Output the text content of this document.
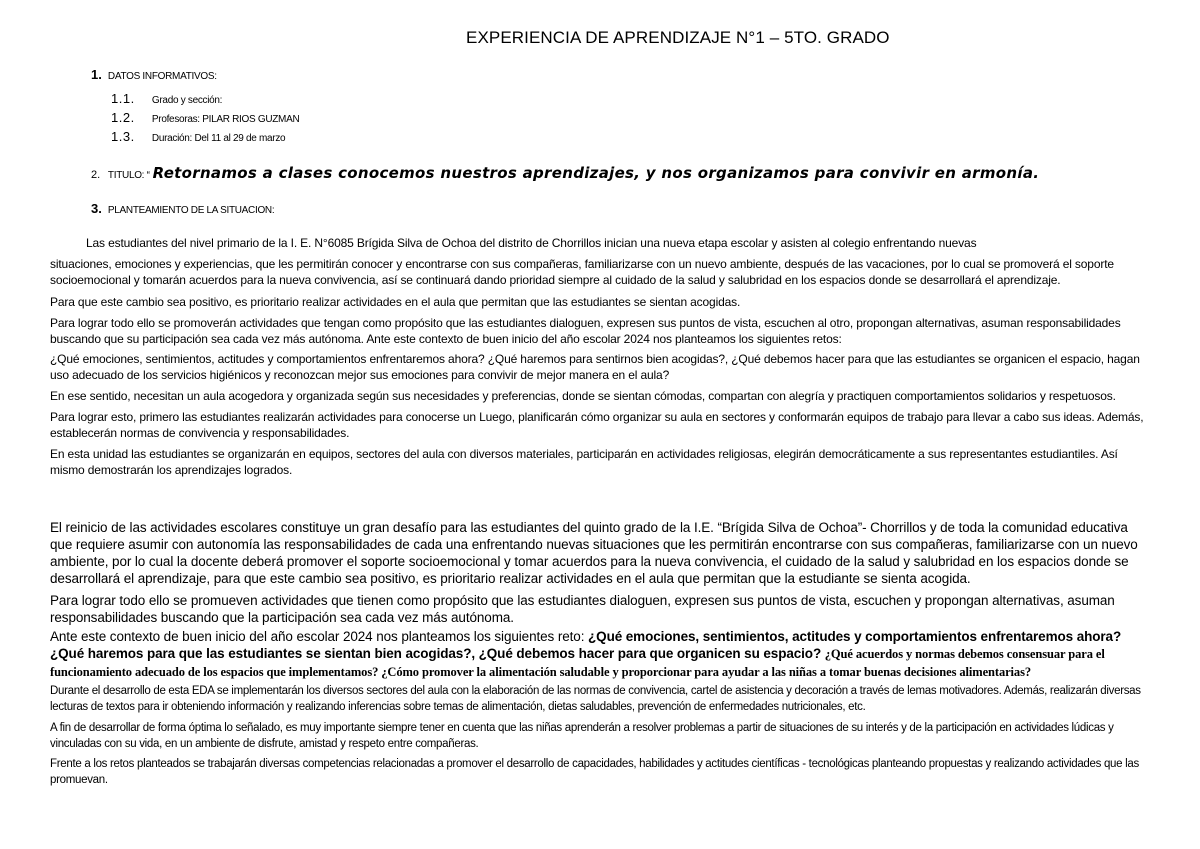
EXPERIENCIA DE APRENDIZAJE N°1 – 5TO. GRADO
1. DATOS INFORMATIVOS:
1.1. Grado y sección:
1.2. Profesoras: PILAR RIOS GUZMAN
1.3. Duración: Del 11 al 29 de marzo
2. TITULO: “ Retornamos a clases conocemos nuestros aprendizajes, y nos organizamos para convivir en armonía.
3. PLANTEAMIENTO DE LA SITUACION:
Las estudiantes del nivel primario de la I. E. N°6085 Brígida Silva de Ochoa del distrito de Chorrillos inician una nueva etapa escolar y asisten al colegio enfrentando nuevas
situaciones, emociones y experiencias, que les permitirán conocer y encontrarse con sus compañeras, familiarizarse con un nuevo ambiente, después de las vacaciones, por lo cual se promoverá el soporte socioemocional y tomarán acuerdos para la nueva convivencia, así se continuará dando prioridad siempre al cuidado de la salud y salubridad en los espacios donde se desarrollará el aprendizaje.
Para que este cambio sea positivo, es prioritario realizar actividades en el aula que permitan que las estudiantes se sientan acogidas.
Para lograr todo ello se promoverán actividades que tengan como propósito que las estudiantes dialoguen, expresen sus puntos de vista, escuchen al otro, propongan alternativas, asuman responsabilidades buscando que su participación sea cada vez más autónoma. Ante este contexto de buen inicio del año escolar 2024 nos planteamos los siguientes retos:
¿Qué emociones, sentimientos, actitudes y comportamientos enfrentaremos ahora? ¿Qué haremos para sentirnos bien acogidas?, ¿Qué debemos hacer para que las estudiantes se organicen el espacio, hagan uso adecuado de los servicios higiénicos y reconozcan mejor sus emociones para convivir de mejor manera en el aula?
En ese sentido, necesitan un aula acogedora y organizada según sus necesidades y preferencias, donde se sientan cómodas, compartan con alegría y practiquen comportamientos solidarios y respetuosos.
Para lograr esto, primero las estudiantes realizarán actividades para conocerse un Luego, planificarán cómo organizar su aula en sectores y conformarán equipos de trabajo para llevar a cabo sus ideas. Además, establecerán normas de convivencia y responsabilidades.
En esta unidad las estudiantes se organizarán en equipos, sectores del aula con diversos materiales, participarán en actividades religiosas, elegirán democráticamente a sus representantes estudiantiles. Así mismo demostrarán los aprendizajes logrados.
El reinicio de las actividades escolares constituye un gran desafío para las estudiantes del quinto grado de la I.E. “Brígida Silva de Ochoa”- Chorrillos y de toda la comunidad educativa que requiere asumir con autonomía las responsabilidades de cada una enfrentando nuevas situaciones que les permitirán encontrarse con sus compañeras, familiarizarse con un nuevo ambiente, por lo cual la docente deberá promover el soporte socioemocional y tomar acuerdos para la nueva convivencia, el cuidado de la salud y salubridad en los espacios donde se desarrollará el aprendizaje, para que este cambio sea positivo, es prioritario realizar actividades en el aula que permitan que la estudiante se sienta acogida.
Para lograr todo ello se promueven actividades que tienen como propósito que las estudiantes dialoguen, expresen sus puntos de vista, escuchen y propongan alternativas, asuman responsabilidades buscando que la participación sea cada vez más autónoma.
Ante este contexto de buen inicio del año escolar 2024 nos planteamos los siguientes reto: ¿Qué emociones, sentimientos, actitudes y comportamientos enfrentaremos ahora? ¿Qué haremos para que las estudiantes se sientan bien acogidas?, ¿Qué debemos hacer para que organicen su espacio? ¿Qué acuerdos y normas debemos consensuar para el funcionamiento adecuado de los espacios que implementamos? ¿Cómo promover la alimentación saludable y proporcionar para ayudar a las niñas a tomar buenas decisiones alimentarias?
Durante el desarrollo de esta EDA se implementarán los diversos sectores del aula con la elaboración de las normas de convivencia, cartel de asistencia y decoración a través de lemas motivadores. Además, realizarán diversas lecturas de textos para ir obteniendo información y realizando inferencias sobre temas de alimentación, dietas saludables, prevención de enfermedades nutricionales, etc.
A fin de desarrollar de forma óptima lo señalado, es muy importante siempre tener en cuenta que las niñas aprenderán a resolver problemas a partir de situaciones de su interés y de la participación en actividades lúdicas y vinculadas con su vida, en un ambiente de disfrute, amistad y respeto entre compañeras.
Frente a los retos planteados se trabajarán diversas competencias relacionadas a promover el desarrollo de capacidades, habilidades y actitudes científicas - tecnológicas planteando propuestas y realizando actividades que las promuevan.
